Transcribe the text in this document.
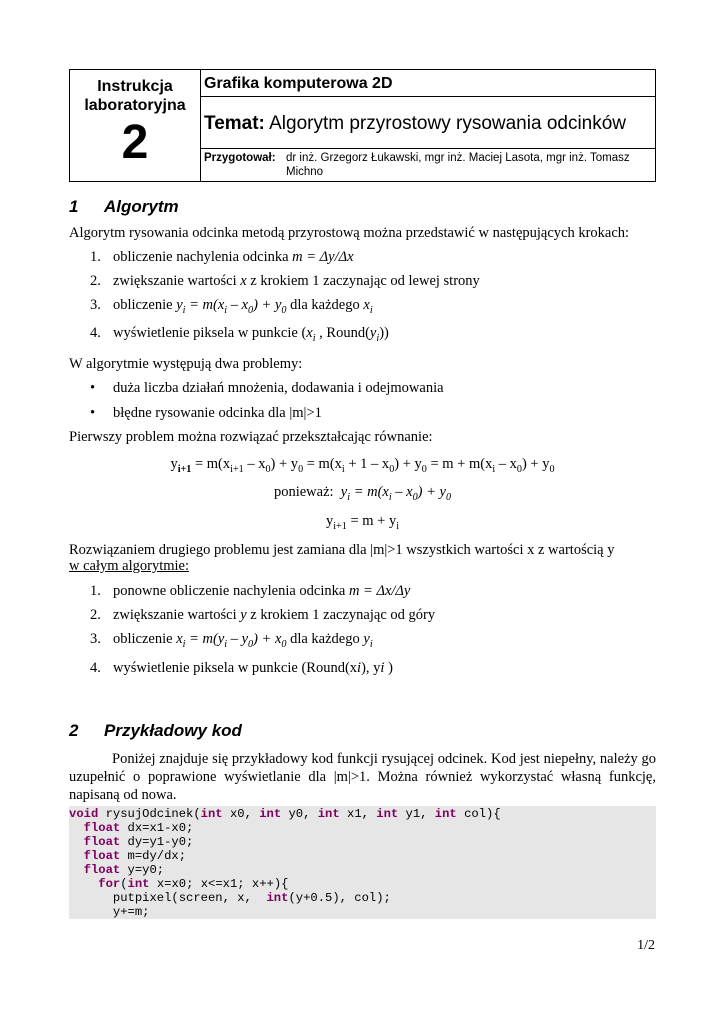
Instrukcja
laboratoryjna
2
Grafika komputerowa 2D
Temat: Algorytm przyrostowy rysowania odcinków
Przygotował: dr inż. Grzegorz Łukawski, mgr inż. Maciej Lasota, mgr inż. Tomasz Michno
1 Algorytm
Algorytm rysowania odcinka metodą przyrostową można przedstawić w następujących krokach:
1. obliczenie nachylenia odcinka m = Δy/Δx
2. zwiększanie wartości x z krokiem 1 zaczynając od lewej strony
3. obliczenie $y_i = m(x_i - x_0) + y_0$ dla każdego $x_i$
4. wyświetlenie piksela w punkcie ($x_i$ , $Round(y_i)$)
W algorytmie występują dwa problemy:
• duża liczba działań mnożenia, dodawania i odejmowania
• błędne rysowanie odcinka dla |m|>1
Pierwszy problem można rozwiązać przekształcając równanie:
$y_{i+1} = m(x_{i+1} - x_0) + y_0 = m(x_i + 1 - x_0) + y_0 = m + m(x_i - x_0) + y_0$
ponieważ: $y_i = m(x_i - x_0) + y_0$
$y_{i+1} = m + y_i$
Rozwiązaniem drugiego problemu jest zamiana dla |m|>1 wszystkich wartości x z wartością y
w całym algorytmie:
1. ponowne obliczenie nachylenia odcinka m = Δx/Δy
2. zwiększanie wartości y z krokiem 1 zaczynając od góry
3. obliczenie $x_i = m(y_i - y_0) + x_0$ dla każdego $y_i$
4. wyświetlenie piksela w punkcie (Round(xi), yi )
2 Przykładowy kod
Poniżej znajduje się przykładowy kod funkcji rysującej odcinek. Kod jest niepełny, należy go uzupełnić o poprawione wyświetlanie dla |m|>1. Można również wykorzystać własną funkcję, napisaną od nowa.
void rysujOdcinek(int x0, int y0, int x1, int y1, int col){
float dx=x1-x0;
float dy=y1-y0;
float m=dy/dx;
float y=y0;
for(int x=x0; x<=x1; x++){
putpixel(screen, x,  int(y+0.5), col);
y+=m;
1/2
